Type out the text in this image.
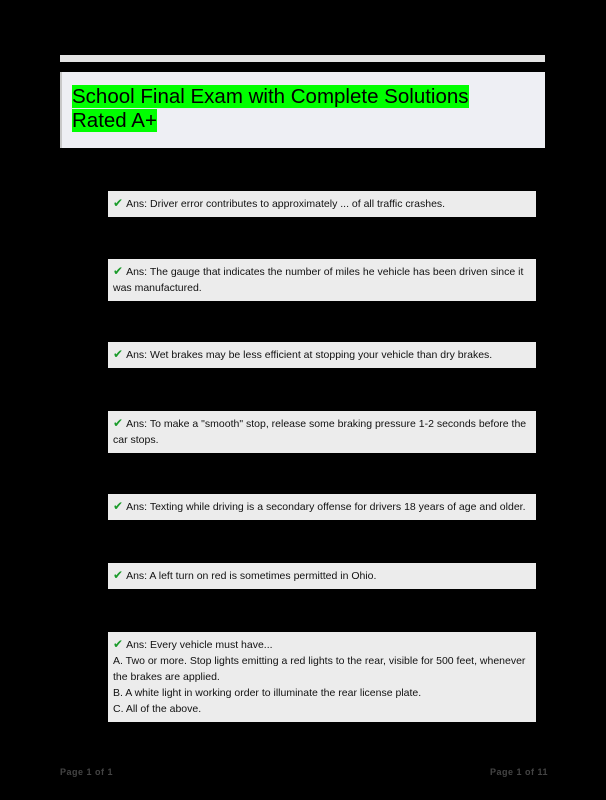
School Final Exam with Complete Solutions Rated A+
✔ Ans: Driver error contributes to approximately ... of all traffic crashes.
✔ Ans: The gauge that indicates the number of miles he vehicle has been driven since it was manufactured.
✔ Ans: Wet brakes may be less efficient at stopping your vehicle than dry brakes.
✔ Ans: To make a "smooth" stop, release some braking pressure 1-2 seconds before the car stops.
✔ Ans: Texting while driving is a secondary offense for drivers 18 years of age and older.
✔ Ans: A left turn on red is sometimes permitted in Ohio.
✔ Ans: Every vehicle must have...
A. Two or more. Stop lights emitting a red lights to the rear, visible for 500 feet, whenever the brakes are applied.
B. A white light in working order to illuminate the rear license plate.
C. All of the above.
Page 1 of 1	Page 1 of 11
